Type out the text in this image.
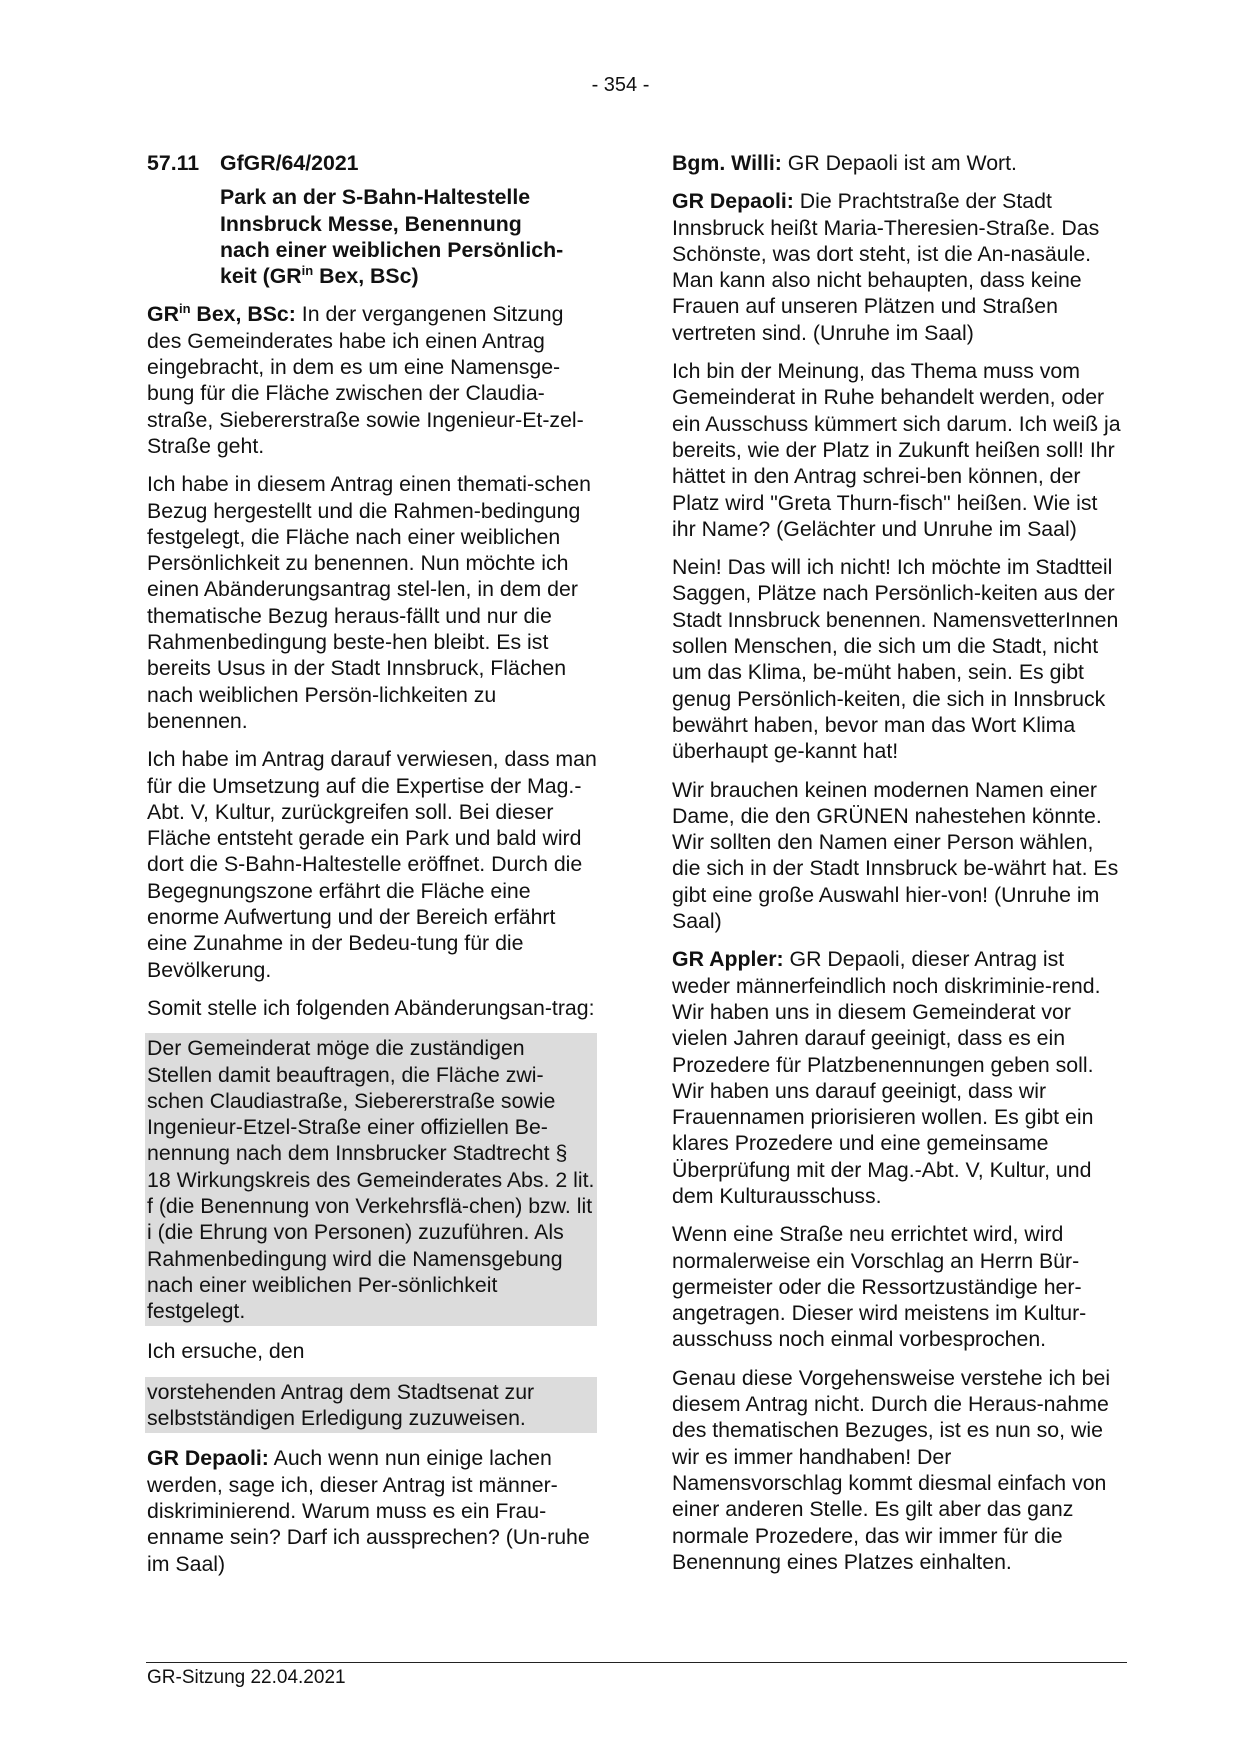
- 354 -

57.11 GfGR/64/2021

Park an der S-Bahn-Haltestelle
Innsbruck Messe, Benennung
nach einer weiblichen Persönlich-
keit ($GR^{in}$ Bex, BSc)

$GR^{in}$ Bex, BSc: In der vergangenen Sitzung des Gemeinderates habe ich einen Antrag eingebracht, in dem es um eine Namensge-bung für die Fläche zwischen der Claudia-straße, Siebererstraße sowie Ingenieur-Et-zel-Straße geht.

Ich habe in diesem Antrag einen themati-schen Bezug hergestellt und die Rahmen-bedingung festgelegt, die Fläche nach einer weiblichen Persönlichkeit zu benennen. Nun möchte ich einen Abänderungsantrag stel-len, in dem der thematische Bezug heraus-fällt und nur die Rahmenbedingung beste-hen bleibt. Es ist bereits Usus in der Stadt Innsbruck, Flächen nach weiblichen Persön-lichkeiten zu benennen.

Ich habe im Antrag darauf verwiesen, dass man für die Umsetzung auf die Expertise der Mag.-Abt. V, Kultur, zurückgreifen soll. Bei dieser Fläche entsteht gerade ein Park und bald wird dort die S-Bahn-Haltestelle eröffnet. Durch die Begegnungszone erfährt die Fläche eine enorme Aufwertung und der Bereich erfährt eine Zunahme in der Bedeu-tung für die Bevölkerung.

Somit stelle ich folgenden Abänderungsan-trag:

Der Gemeinderat möge die zuständigen Stellen damit beauftragen, die Fläche zwi-schen Claudiastraße, Siebererstraße sowie Ingenieur-Etzel-Straße einer offiziellen Be-nennung nach dem Innsbrucker Stadtrecht § 18 Wirkungskreis des Gemeinderates Abs. 2 lit. f (die Benennung von Verkehrsflä-chen) bzw. lit i (die Ehrung von Personen) zuzuführen. Als Rahmenbedingung wird die Namensgebung nach einer weiblichen Per-sönlichkeit festgelegt.

Ich ersuche, den

vorstehenden Antrag dem Stadtsenat zur selbstständigen Erledigung zuzuweisen.

GR Depaoli: Auch wenn nun einige lachen werden, sage ich, dieser Antrag ist männer-diskriminierend. Warum muss es ein Frau-enname sein? Darf ich aussprechen? (Un-ruhe im Saal)

Bgm. Willi: GR Depaoli ist am Wort.

GR Depaoli: Die Prachtstraße der Stadt Innsbruck heißt Maria-Theresien-Straße. Das Schönste, was dort steht, ist die An-nasäule. Man kann also nicht behaupten, dass keine Frauen auf unseren Plätzen und Straßen vertreten sind. (Unruhe im Saal)

Ich bin der Meinung, das Thema muss vom Gemeinderat in Ruhe behandelt werden, oder ein Ausschuss kümmert sich darum. Ich weiß ja bereits, wie der Platz in Zukunft heißen soll! Ihr hättet in den Antrag schrei-ben können, der Platz wird "Greta Thurn-fisch" heißen. Wie ist ihr Name? (Gelächter und Unruhe im Saal)

Nein! Das will ich nicht! Ich möchte im Stadtteil Saggen, Plätze nach Persönlich-keiten aus der Stadt Innsbruck benennen. NamensvetterInnen sollen Menschen, die sich um die Stadt, nicht um das Klima, be-müht haben, sein. Es gibt genug Persönlich-keiten, die sich in Innsbruck bewährt haben, bevor man das Wort Klima überhaupt ge-kannt hat!

Wir brauchen keinen modernen Namen einer Dame, die den GRÜNEN nahestehen könnte. Wir sollten den Namen einer Person wählen, die sich in der Stadt Innsbruck be-währt hat. Es gibt eine große Auswahl hier-von! (Unruhe im Saal)

GR Appler: GR Depaoli, dieser Antrag ist weder männerfeindlich noch diskriminie-rend. Wir haben uns in diesem Gemeinderat vor vielen Jahren darauf geeinigt, dass es ein Prozedere für Platzbenennungen geben soll. Wir haben uns darauf geeinigt, dass wir Frauennamen priorisieren wollen. Es gibt ein klares Prozedere und eine gemeinsame Überprüfung mit der Mag.-Abt. V, Kultur, und dem Kulturausschuss.

Wenn eine Straße neu errichtet wird, wird normalerweise ein Vorschlag an Herrn Bür-germeister oder die Ressortzuständige her-angetragen. Dieser wird meistens im Kultur-ausschuss noch einmal vorbesprochen.

Genau diese Vorgehensweise verstehe ich bei diesem Antrag nicht. Durch die Heraus-nahme des thematischen Bezuges, ist es nun so, wie wir es immer handhaben! Der Namensvorschlag kommt diesmal einfach von einer anderen Stelle. Es gilt aber das ganz normale Prozedere, das wir immer für die Benennung eines Platzes einhalten.

GR-Sitzung 22.04.2021
